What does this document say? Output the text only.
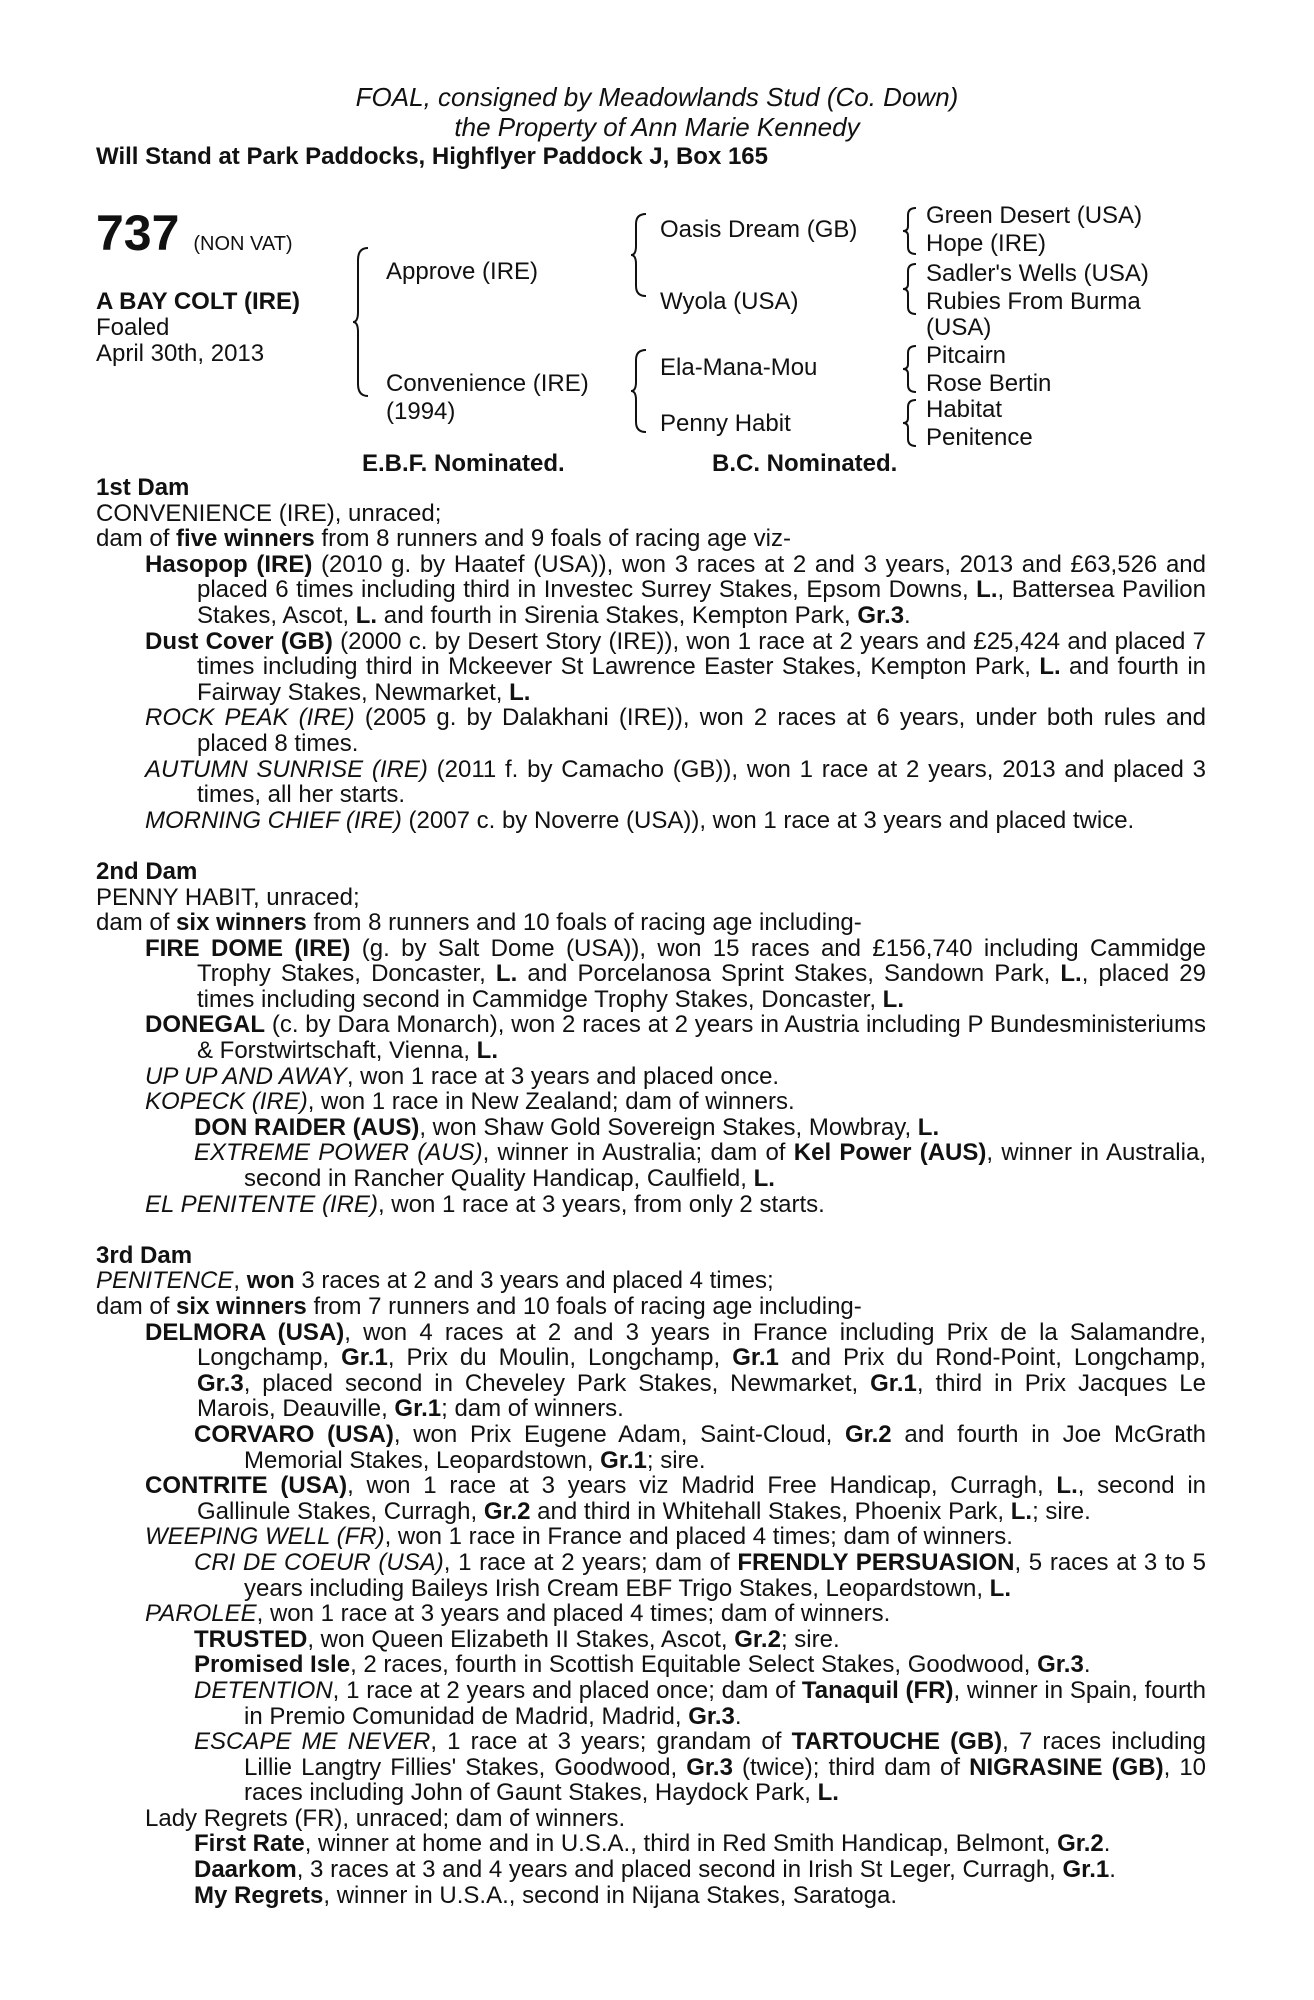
FOAL, consigned by Meadowlands Stud (Co. Down)
the Property of Ann Marie Kennedy
Will Stand at Park Paddocks, Highflyer Paddock J, Box 165
737 (NON VAT)
A BAY COLT (IRE)
Foaled
April 30th, 2013
Approve (IRE)
Convenience (IRE)
(1994)
Oasis Dream (GB)
Wyola (USA)
Ela-Mana-Mou
Penny Habit
Green Desert (USA)
Hope (IRE)
Sadler's Wells (USA)
Rubies From Burma
(USA)
Pitcairn
Rose Bertin
Habitat
Penitence
E.B.F. Nominated.	B.C. Nominated.
1st Dam
CONVENIENCE (IRE), unraced;
dam of five winners from 8 runners and 9 foals of racing age viz-
Hasopop (IRE) (2010 g. by Haatef (USA)), won 3 races at 2 and 3 years, 2013 and £63,526 and placed 6 times including third in Investec Surrey Stakes, Epsom Downs, L., Battersea Pavilion Stakes, Ascot, L. and fourth in Sirenia Stakes, Kempton Park, Gr.3.
Dust Cover (GB) (2000 c. by Desert Story (IRE)), won 1 race at 2 years and £25,424 and placed 7 times including third in Mckeever St Lawrence Easter Stakes, Kempton Park, L. and fourth in Fairway Stakes, Newmarket, L.
ROCK PEAK (IRE) (2005 g. by Dalakhani (IRE)), won 2 races at 6 years, under both rules and placed 8 times.
AUTUMN SUNRISE (IRE) (2011 f. by Camacho (GB)), won 1 race at 2 years, 2013 and placed 3 times, all her starts.
MORNING CHIEF (IRE) (2007 c. by Noverre (USA)), won 1 race at 3 years and placed twice.
2nd Dam
PENNY HABIT, unraced;
dam of six winners from 8 runners and 10 foals of racing age including-
FIRE DOME (IRE) (g. by Salt Dome (USA)), won 15 races and £156,740 including Cammidge Trophy Stakes, Doncaster, L. and Porcelanosa Sprint Stakes, Sandown Park, L., placed 29 times including second in Cammidge Trophy Stakes, Doncaster, L.
DONEGAL (c. by Dara Monarch), won 2 races at 2 years in Austria including P Bundesministeriums & Forstwirtschaft, Vienna, L.
UP UP AND AWAY, won 1 race at 3 years and placed once.
KOPECK (IRE), won 1 race in New Zealand; dam of winners.
DON RAIDER (AUS), won Shaw Gold Sovereign Stakes, Mowbray, L.
EXTREME POWER (AUS), winner in Australia; dam of Kel Power (AUS), winner in Australia, second in Rancher Quality Handicap, Caulfield, L.
EL PENITENTE (IRE), won 1 race at 3 years, from only 2 starts.
3rd Dam
PENITENCE, won 3 races at 2 and 3 years and placed 4 times;
dam of six winners from 7 runners and 10 foals of racing age including-
DELMORA (USA), won 4 races at 2 and 3 years in France including Prix de la Salamandre, Longchamp, Gr.1, Prix du Moulin, Longchamp, Gr.1 and Prix du Rond-Point, Longchamp, Gr.3, placed second in Cheveley Park Stakes, Newmarket, Gr.1, third in Prix Jacques Le Marois, Deauville, Gr.1; dam of winners.
CORVARO (USA), won Prix Eugene Adam, Saint-Cloud, Gr.2 and fourth in Joe McGrath Memorial Stakes, Leopardstown, Gr.1; sire.
CONTRITE (USA), won 1 race at 3 years viz Madrid Free Handicap, Curragh, L., second in Gallinule Stakes, Curragh, Gr.2 and third in Whitehall Stakes, Phoenix Park, L.; sire.
WEEPING WELL (FR), won 1 race in France and placed 4 times; dam of winners.
CRI DE COEUR (USA), 1 race at 2 years; dam of FRENDLY PERSUASION, 5 races at 3 to 5 years including Baileys Irish Cream EBF Trigo Stakes, Leopardstown, L.
PAROLEE, won 1 race at 3 years and placed 4 times; dam of winners.
TRUSTED, won Queen Elizabeth II Stakes, Ascot, Gr.2; sire.
Promised Isle, 2 races, fourth in Scottish Equitable Select Stakes, Goodwood, Gr.3.
DETENTION, 1 race at 2 years and placed once; dam of Tanaquil (FR), winner in Spain, fourth in Premio Comunidad de Madrid, Madrid, Gr.3.
ESCAPE ME NEVER, 1 race at 3 years; grandam of TARTOUCHE (GB), 7 races including Lillie Langtry Fillies' Stakes, Goodwood, Gr.3 (twice); third dam of NIGRASINE (GB), 10 races including John of Gaunt Stakes, Haydock Park, L.
Lady Regrets (FR), unraced; dam of winners.
First Rate, winner at home and in U.S.A., third in Red Smith Handicap, Belmont, Gr.2.
Daarkom, 3 races at 3 and 4 years and placed second in Irish St Leger, Curragh, Gr.1.
My Regrets, winner in U.S.A., second in Nijana Stakes, Saratoga.
